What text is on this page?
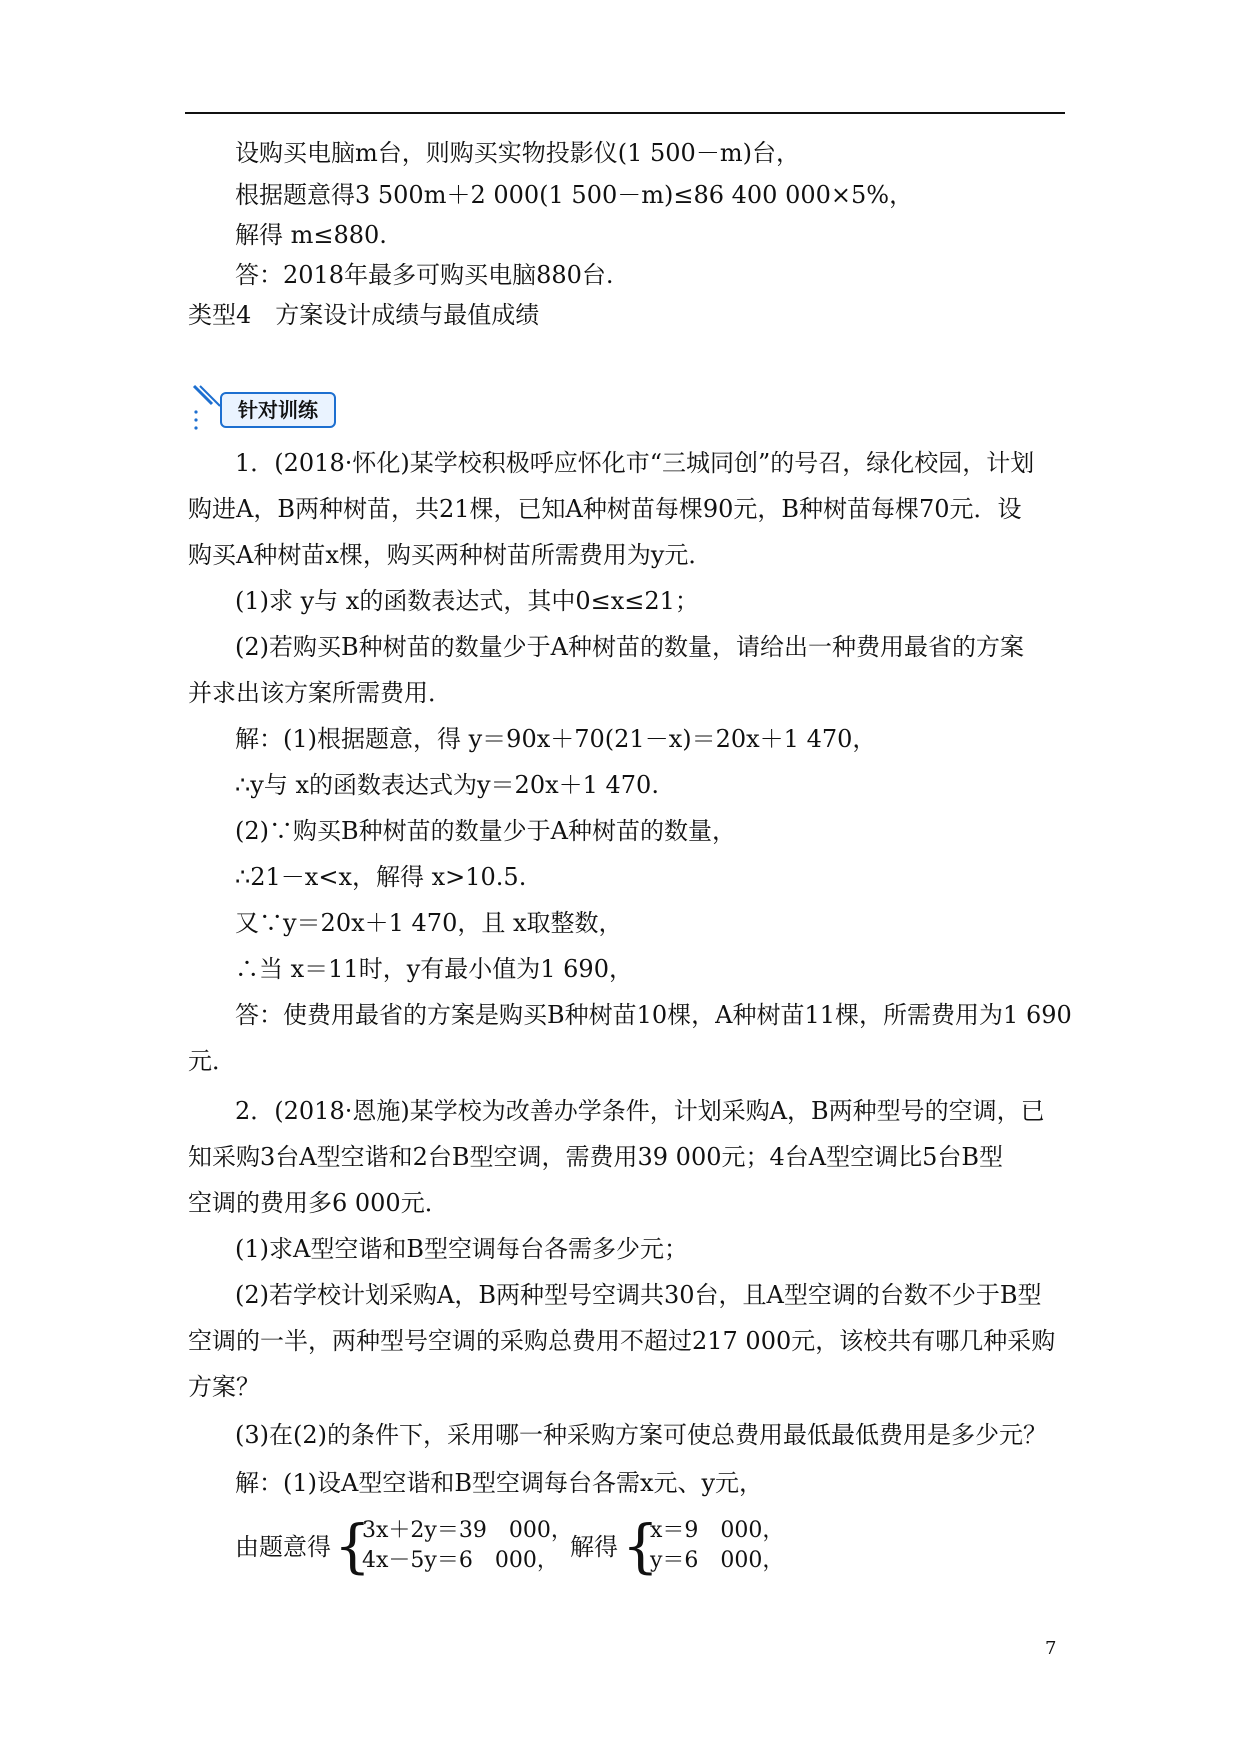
设购买电脑m台，则购买实物投影仪(1 500－m)台，
根据题意得3 500m＋2 000(1 500－m)≤86 400 000×5%，
解得 m≤880.
答：2018年最多可购买电脑880台.
类型4　方案设计成绩与最值成绩
针对训练
1．(2018·怀化)某学校积极呼应怀化市“三城同创”的号召，绿化校园，计划
购进A，B两种树苗，共21棵，已知A种树苗每棵90元，B种树苗每棵70元．设
购买A种树苗x棵，购买两种树苗所需费用为y元．
(1)求 y与 x的函数表达式，其中0≤x≤21；
(2)若购买B种树苗的数量少于A种树苗的数量，请给出一种费用最省的方案
并求出该方案所需费用．
解：(1)根据题意，得 y＝90x＋70(21－x)＝20x＋1 470，
∴y与 x的函数表达式为y＝20x＋1 470.
(2)∵购买B种树苗的数量少于A种树苗的数量，
∴21－x<x，解得 x>10.5.
又∵y＝20x＋1 470，且 x取整数，
∴当 x＝11时，y有最小值为1 690，
答：使费用最省的方案是购买B种树苗10棵，A种树苗11棵，所需费用为1 690
元．
2．(2018·恩施)某学校为改善办学条件，计划采购A，B两种型号的空调，已
知采购3台A型空谐和2台B型空调，需费用39 000元；4台A型空调比5台B型
空调的费用多6 000元．
(1)求A型空谐和B型空调每台各需多少元；
(2)若学校计划采购A，B两种型号空调共30台，且A型空调的台数不少于B型
空调的一半，两种型号空调的采购总费用不超过217 000元，该校共有哪几种采购
方案？
(3)在(2)的条件下，采用哪一种采购方案可使总费用最低最低费用是多少元？
解：(1)设A型空谐和B型空调每台各需x元、y元，
由题意得 {
3x＋2y＝39　000，
4x－5y＝6　000， 解得 {
x＝9　000，
y＝6　000，
7
